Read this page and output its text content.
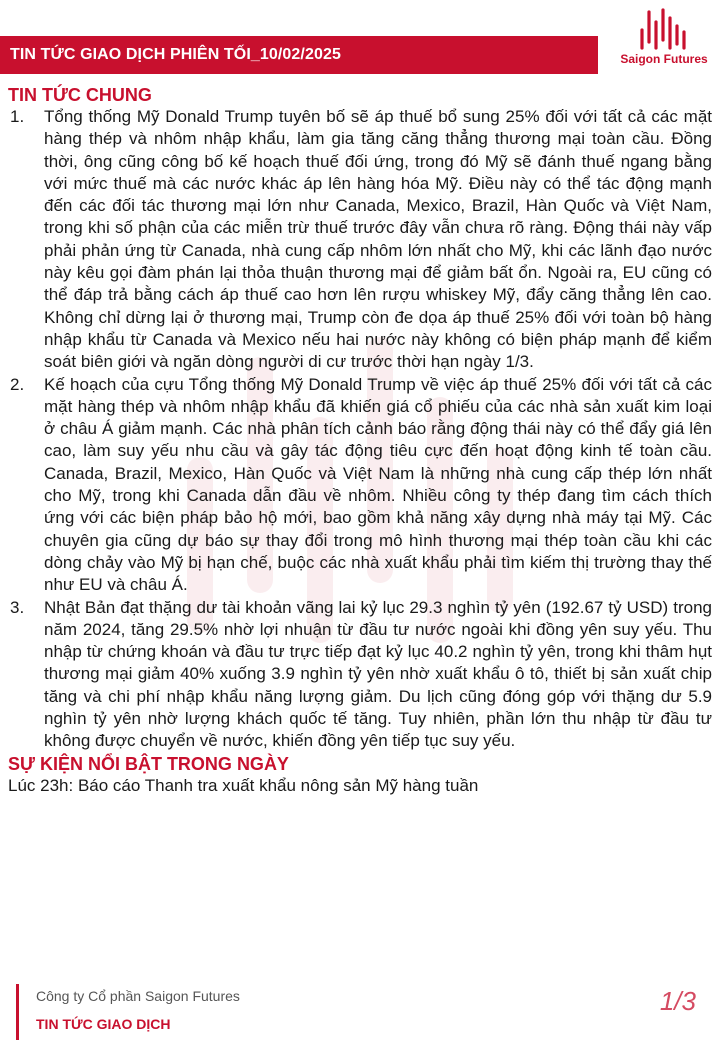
TIN TỨC GIAO DỊCH PHIÊN TỐI_10/02/2025	Saigon Futures
TIN TỨC CHUNG
1. Tổng thống Mỹ Donald Trump tuyên bố sẽ áp thuế bổ sung 25% đối với tất cả các mặt hàng thép và nhôm nhập khẩu, làm gia tăng căng thẳng thương mại toàn cầu. Đồng thời, ông cũng công bố kế hoạch thuế đối ứng, trong đó Mỹ sẽ đánh thuế ngang bằng với mức thuế mà các nước khác áp lên hàng hóa Mỹ. Điều này có thể tác động mạnh đến các đối tác thương mại lớn như Canada, Mexico, Brazil, Hàn Quốc và Việt Nam, trong khi số phận của các miễn trừ thuế trước đây vẫn chưa rõ ràng. Động thái này vấp phải phản ứng từ Canada, nhà cung cấp nhôm lớn nhất cho Mỹ, khi các lãnh đạo nước này kêu gọi đàm phán lại thỏa thuận thương mại để giảm bất ổn. Ngoài ra, EU cũng có thể đáp trả bằng cách áp thuế cao hơn lên rượu whiskey Mỹ, đẩy căng thẳng lên cao. Không chỉ dừng lại ở thương mại, Trump còn đe dọa áp thuế 25% đối với toàn bộ hàng nhập khẩu từ Canada và Mexico nếu hai nước này không có biện pháp mạnh để kiểm soát biên giới và ngăn dòng người di cư trước thời hạn ngày 1/3.
2. Kế hoạch của cựu Tổng thống Mỹ Donald Trump về việc áp thuế 25% đối với tất cả các mặt hàng thép và nhôm nhập khẩu đã khiến giá cổ phiếu của các nhà sản xuất kim loại ở châu Á giảm mạnh. Các nhà phân tích cảnh báo rằng động thái này có thể đẩy giá lên cao, làm suy yếu nhu cầu và gây tác động tiêu cực đến hoạt động kinh tế toàn cầu. Canada, Brazil, Mexico, Hàn Quốc và Việt Nam là những nhà cung cấp thép lớn nhất cho Mỹ, trong khi Canada dẫn đầu về nhôm. Nhiều công ty thép đang tìm cách thích ứng với các biện pháp bảo hộ mới, bao gồm khả năng xây dựng nhà máy tại Mỹ. Các chuyên gia cũng dự báo sự thay đổi trong mô hình thương mại thép toàn cầu khi các dòng chảy vào Mỹ bị hạn chế, buộc các nhà xuất khẩu phải tìm kiếm thị trường thay thế như EU và châu Á.
3. Nhật Bản đạt thặng dư tài khoản vãng lai kỷ lục 29.3 nghìn tỷ yên (192.67 tỷ USD) trong năm 2024, tăng 29.5% nhờ lợi nhuận từ đầu tư nước ngoài khi đồng yên suy yếu. Thu nhập từ chứng khoán và đầu tư trực tiếp đạt kỷ lục 40.2 nghìn tỷ yên, trong khi thâm hụt thương mại giảm 40% xuống 3.9 nghìn tỷ yên nhờ xuất khẩu ô tô, thiết bị sản xuất chip tăng và chi phí nhập khẩu năng lượng giảm. Du lịch cũng đóng góp với thặng dư 5.9 nghìn tỷ yên nhờ lượng khách quốc tế tăng. Tuy nhiên, phần lớn thu nhập từ đầu tư không được chuyển về nước, khiến đồng yên tiếp tục suy yếu.
SỰ KIỆN NỔI BẬT TRONG NGÀY
Lúc 23h: Báo cáo Thanh tra xuất khẩu nông sản Mỹ hàng tuần
Công ty Cổ phần Saigon Futures
TIN TỨC GIAO DỊCH
1/3
